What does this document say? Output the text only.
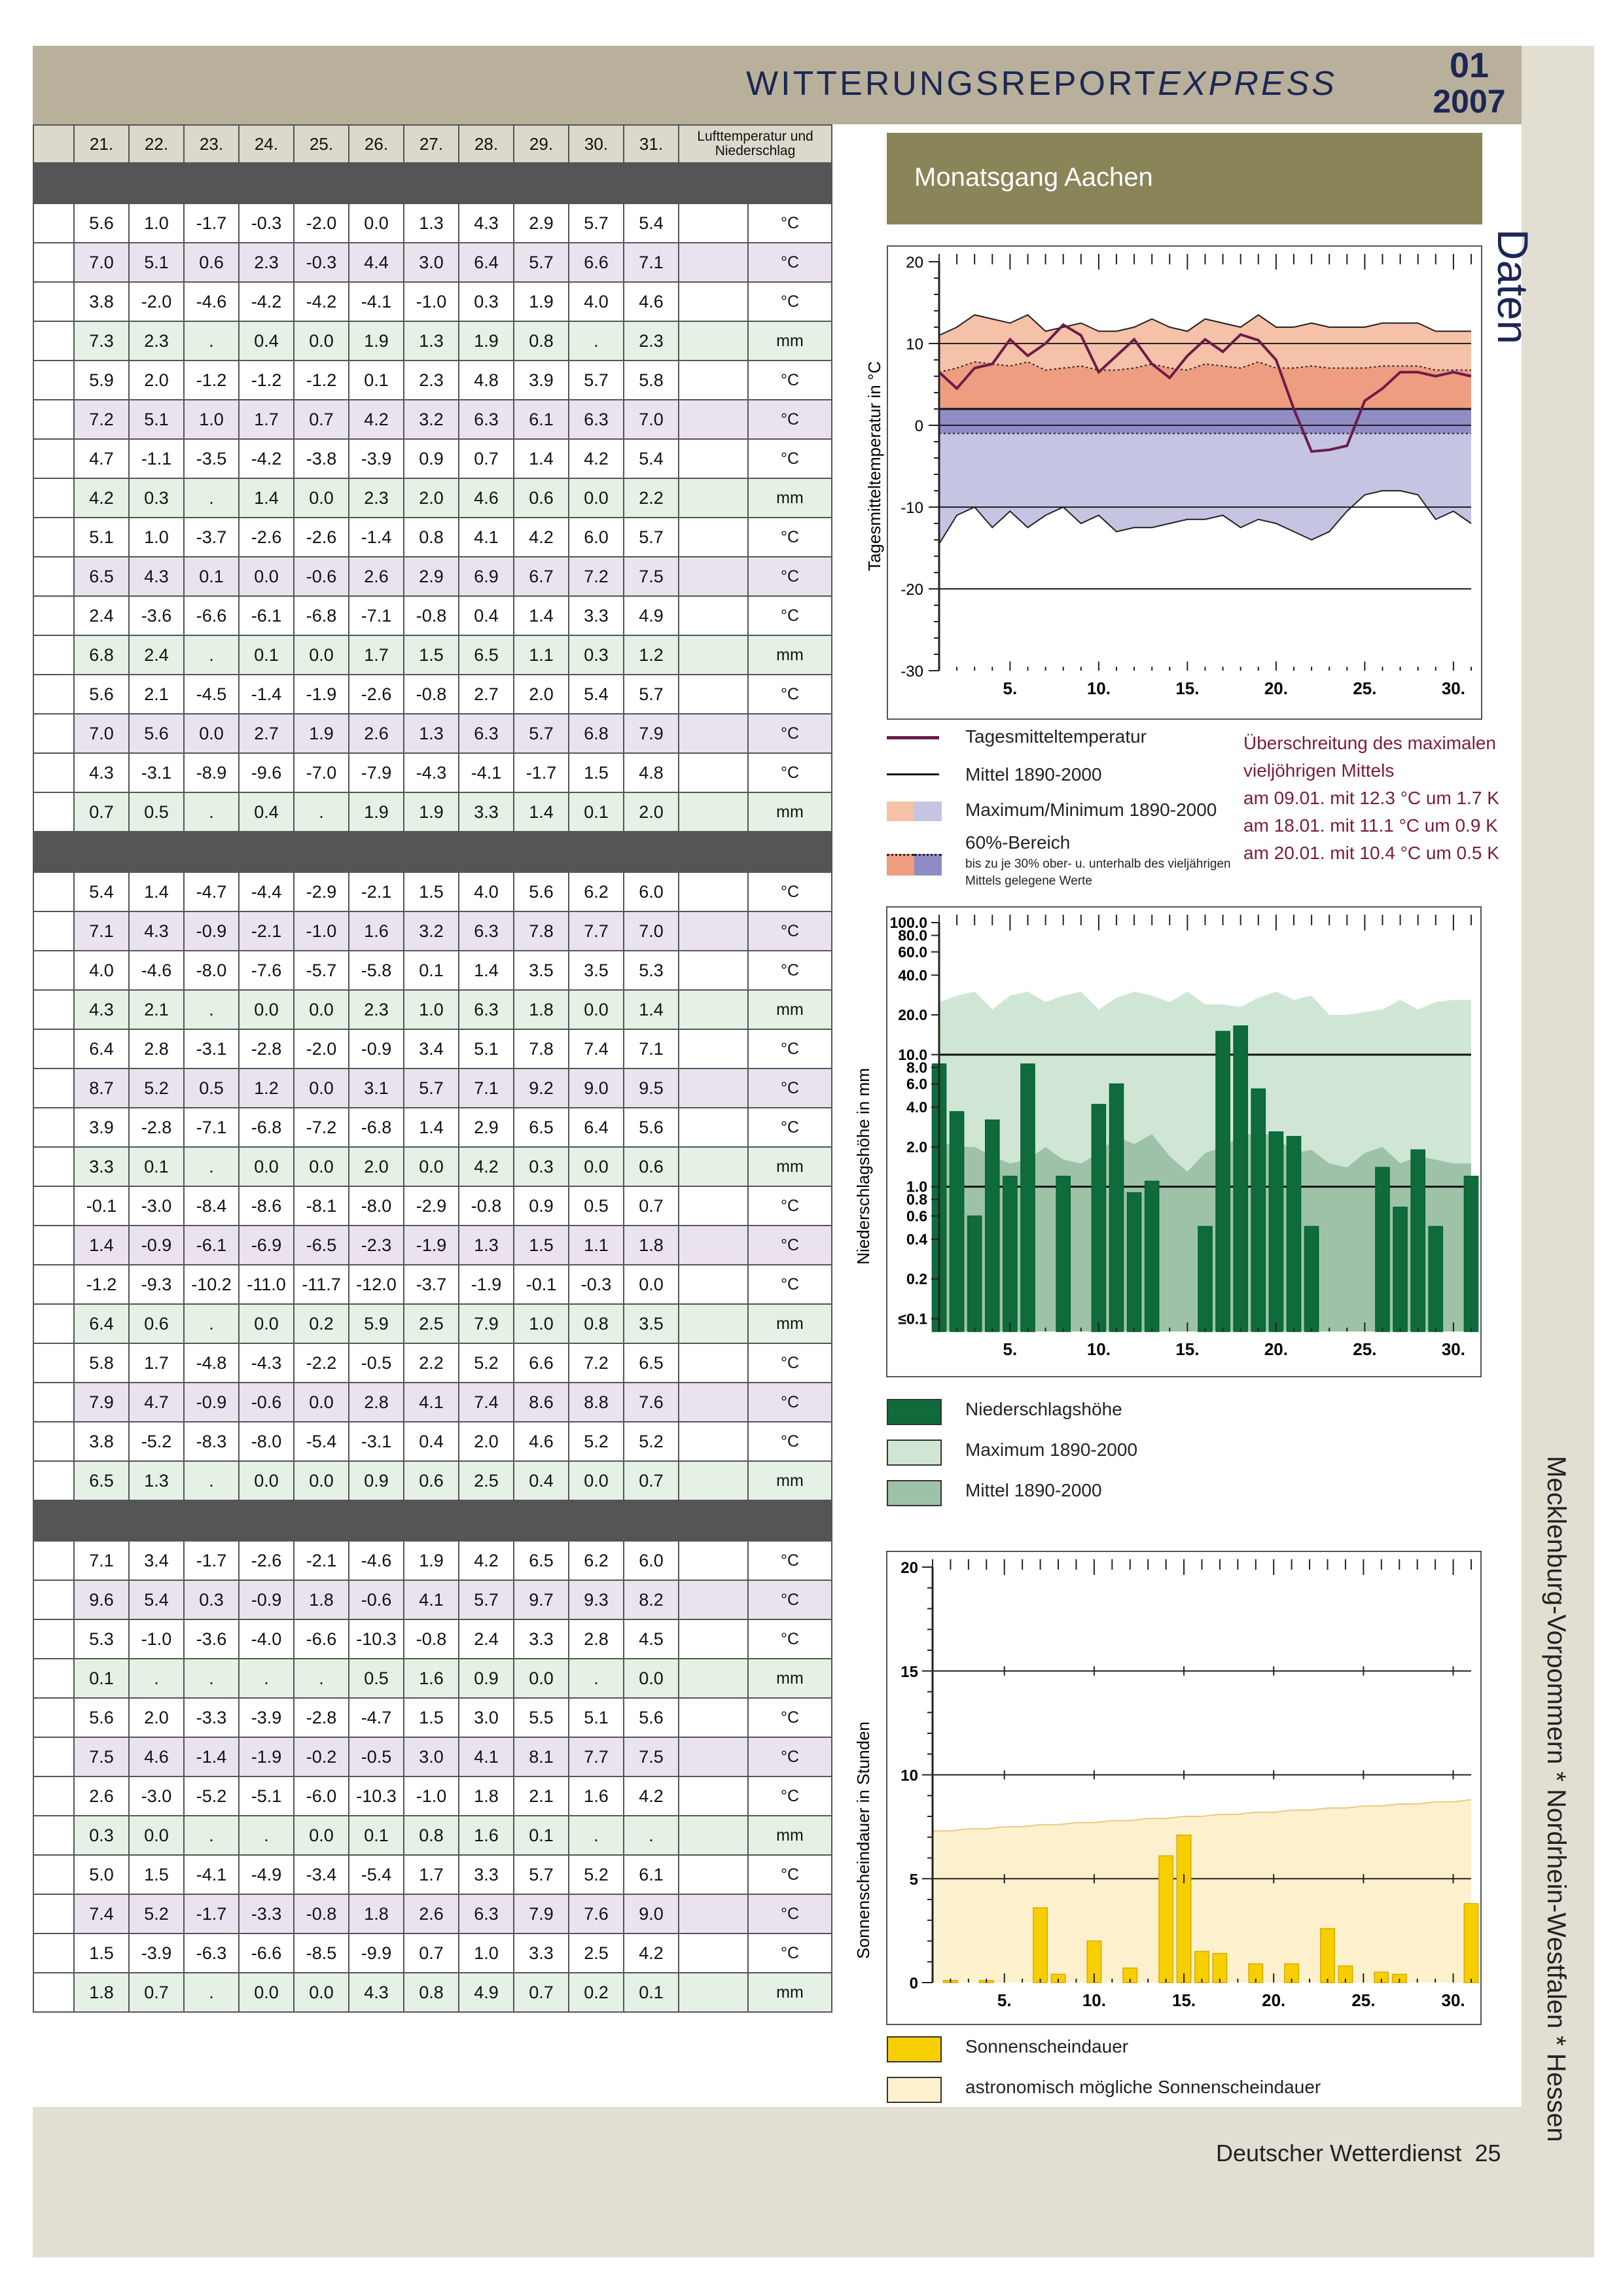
WITTERUNGSREPORTEXPRESS	01
2007
Daten
Mecklenburg-Vorpommern * Nordrhein-Westfalen * Hessen
	21.	22.	23.	24.	25.	26.	27.	28.	29.	30.	31.	Lufttemperatur und Niederschlag	

	5.6	1.0	-1.7	-0.3	-2.0	0.0	1.3	4.3	2.9	5.7	5.4		°C
	7.0	5.1	0.6	2.3	-0.3	4.4	3.0	6.4	5.7	6.6	7.1		°C
	3.8	-2.0	-4.6	-4.2	-4.2	-4.1	-1.0	0.3	1.9	4.0	4.6		°C
	7.3	2.3	.	0.4	0.0	1.9	1.3	1.9	0.8	.	2.3		mm
	5.9	2.0	-1.2	-1.2	-1.2	0.1	2.3	4.8	3.9	5.7	5.8		°C
	7.2	5.1	1.0	1.7	0.7	4.2	3.2	6.3	6.1	6.3	7.0		°C
	4.7	-1.1	-3.5	-4.2	-3.8	-3.9	0.9	0.7	1.4	4.2	5.4		°C
	4.2	0.3	.	1.4	0.0	2.3	2.0	4.6	0.6	0.0	2.2		mm
	5.1	1.0	-3.7	-2.6	-2.6	-1.4	0.8	4.1	4.2	6.0	5.7		°C
	6.5	4.3	0.1	0.0	-0.6	2.6	2.9	6.9	6.7	7.2	7.5		°C
	2.4	-3.6	-6.6	-6.1	-6.8	-7.1	-0.8	0.4	1.4	3.3	4.9		°C
	6.8	2.4	.	0.1	0.0	1.7	1.5	6.5	1.1	0.3	1.2		mm
	5.6	2.1	-4.5	-1.4	-1.9	-2.6	-0.8	2.7	2.0	5.4	5.7		°C
	7.0	5.6	0.0	2.7	1.9	2.6	1.3	6.3	5.7	6.8	7.9		°C
	4.3	-3.1	-8.9	-9.6	-7.0	-7.9	-4.3	-4.1	-1.7	1.5	4.8		°C
	0.7	0.5	.	0.4	.	1.9	1.9	3.3	1.4	0.1	2.0		mm

	5.4	1.4	-4.7	-4.4	-2.9	-2.1	1.5	4.0	5.6	6.2	6.0		°C
	7.1	4.3	-0.9	-2.1	-1.0	1.6	3.2	6.3	7.8	7.7	7.0		°C
	4.0	-4.6	-8.0	-7.6	-5.7	-5.8	0.1	1.4	3.5	3.5	5.3		°C
	4.3	2.1	.	0.0	0.0	2.3	1.0	6.3	1.8	0.0	1.4		mm
	6.4	2.8	-3.1	-2.8	-2.0	-0.9	3.4	5.1	7.8	7.4	7.1		°C
	8.7	5.2	0.5	1.2	0.0	3.1	5.7	7.1	9.2	9.0	9.5		°C
	3.9	-2.8	-7.1	-6.8	-7.2	-6.8	1.4	2.9	6.5	6.4	5.6		°C
	3.3	0.1	.	0.0	0.0	2.0	0.0	4.2	0.3	0.0	0.6		mm
	-0.1	-3.0	-8.4	-8.6	-8.1	-8.0	-2.9	-0.8	0.9	0.5	0.7		°C
	1.4	-0.9	-6.1	-6.9	-6.5	-2.3	-1.9	1.3	1.5	1.1	1.8		°C
	-1.2	-9.3	-10.2	-11.0	-11.7	-12.0	-3.7	-1.9	-0.1	-0.3	0.0		°C
	6.4	0.6	.	0.0	0.2	5.9	2.5	7.9	1.0	0.8	3.5		mm
	5.8	1.7	-4.8	-4.3	-2.2	-0.5	2.2	5.2	6.6	7.2	6.5		°C
	7.9	4.7	-0.9	-0.6	0.0	2.8	4.1	7.4	8.6	8.8	7.6		°C
	3.8	-5.2	-8.3	-8.0	-5.4	-3.1	0.4	2.0	4.6	5.2	5.2		°C
	6.5	1.3	.	0.0	0.0	0.9	0.6	2.5	0.4	0.0	0.7		mm

	7.1	3.4	-1.7	-2.6	-2.1	-4.6	1.9	4.2	6.5	6.2	6.0		°C
	9.6	5.4	0.3	-0.9	1.8	-0.6	4.1	5.7	9.7	9.3	8.2		°C
	5.3	-1.0	-3.6	-4.0	-6.6	-10.3	-0.8	2.4	3.3	2.8	4.5		°C
	0.1	.	.	.	.	0.5	1.6	0.9	0.0	.	0.0		mm
	5.6	2.0	-3.3	-3.9	-2.8	-4.7	1.5	3.0	5.5	5.1	5.6		°C
	7.5	4.6	-1.4	-1.9	-0.2	-0.5	3.0	4.1	8.1	7.7	7.5		°C
	2.6	-3.0	-5.2	-5.1	-6.0	-10.3	-1.0	1.8	2.1	1.6	4.2		°C
	0.3	0.0	.	.	0.0	0.1	0.8	1.6	0.1	.	.		mm
	5.0	1.5	-4.1	-4.9	-3.4	-5.4	1.7	3.3	5.7	5.2	6.1		°C
	7.4	5.2	-1.7	-3.3	-0.8	1.8	2.6	6.3	7.9	7.6	9.0		°C
	1.5	-3.9	-6.3	-6.6	-8.5	-9.9	0.7	1.0	3.3	2.5	4.2		°C
	1.8	0.7	.	0.0	0.0	4.3	0.8	4.9	0.7	0.2	0.1		mm
Monatsgang Aachen
20
10
0
-10
-20
-30
5.	10.	15.	20.	25.	30.
Tagesmitteltemperatur in °C
Tagesmitteltemperatur
Mittel 1890-2000
Maximum/Minimum 1890-2000
60%-Bereich
bis zu je 30% ober- u. unterhalb des vieljährigen
Mittels gelegene Werte
Überschreitung des maximalen
vieljöhrigen Mittels
am 09.01. mit 12.3 °C um 1.7 K
am 18.01. mit 11.1 °C um 0.9 K
am 20.01. mit 10.4 °C um 0.5 K
100.0
80.0
60.0
40.0
20.0
10.0
8.0
6.0
4.0
2.0
1.0
0.8
0.6
0.4
0.2
≤0.1
5.	10.	15.	20.	25.	30.
Niederschlagshöhe in mm
Niederschlagshöhe
Maximum 1890-2000
Mittel 1890-2000
20
15
10
5
0
5.	10.	15.	20.	25.	30.
Sonnenscheindauer in Stunden
Sonnenscheindauer
astronomisch mögliche Sonnenscheindauer
Deutscher Wetterdienst 25
